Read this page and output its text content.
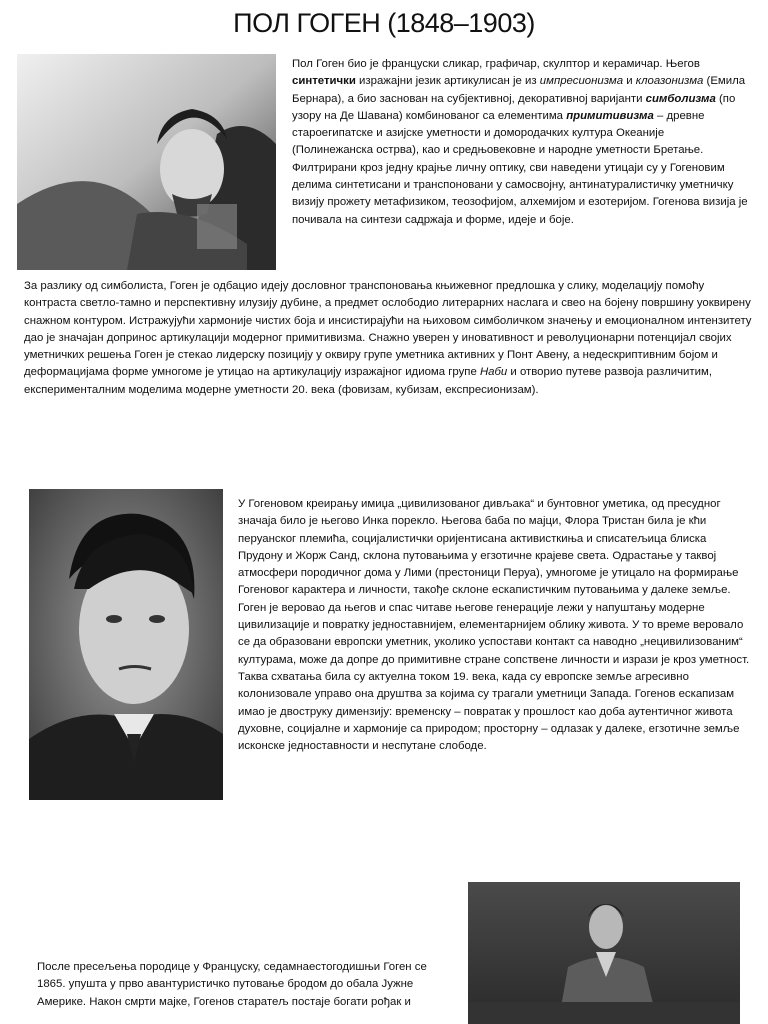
ПОЛ ГОГЕН (1848–1903)
Пол Гоген био је француски сликар, графичар, скулптор и керамичар. Његов синтетички изражајни језик артикулисан је из импресионизма и клоазонизма (Емила Бернара), а био заснован на субјективној, декоративној варијанти симболизма (по узору на Де Шавана) комбинованог са елементима примитивизма – древне староегипатске и азијске уметности и домородачких култура Океаније (Полинежанска острва), као и средњовековне и народне уметности Бретање. Филтрирани кроз једну крајње личну оптику, сви наведени утицаји су у Гогеновим делима синтетисани и транспоновани у самосвојну, антинатуралистичку уметничку визију прожету метафизиком, теозофијом, алхемијом и езотеријом. Гогенова визија је почивала на синтези садржаја и форме, идеје и боје.
За разлику од симболиста, Гоген је одбацио идеју дословног транспоновања књижевног предлошка у слику, моделацију помоћу контраста светло-тамно и перспективну илузију дубине, а предмет ослободио литерарних наслага и свео на бојену површину уоквирену снажном контуром. Истражујући хармоније чистих боја и инсистирајући на њиховом симболичком значењу и емоционалном интензитету дао је значајан допринос артикулацији модерног примитивизма. Снажно уверен у иновативност и револуционарни потенцијал својих уметничких решења Гоген је стекао лидерску позицију у оквиру групе уметника активних у Понт Авену, а недескриптивним бојом и деформацијама форме умногоме је утицао на артикулацију изражајног идиома групе Наби и отворио путеве развоја различитим, експерименталним моделима модерне уметности 20. века (фовизам, кубизам, експресионизам).
У Гогеновом креирању имиџа „цивилизованог дивљака“ и бунтовног уметика, од пресудног значаја било је његово Инка порекло. Његова баба по мајци, Флора Тристан била је кћи перуанског племића, социјалистички оријентисана активисткиња и списатељица блиска Прудону и Жорж Санд, склона путовањима у егзотичне крајеве света. Одрастање у таквој атмосфери породичног дома у Лими (престоници Перуа), умногоме је утицало на формирање Гогеновог карактера и личности, такође склоне ескапистичким путовањима у далеке земље. Гоген је веровао да његов и спас читаве његове генерације лежи у напуштању модерне цивилизације и повратку једноставнијем, елементарнијем облику живота. У то време веровало се да образовани европски уметник, уколико успостави контакт са наводно „нецивилизованим“ културама, може да допре до примитивне стране сопствене личности и изрази је кроз уметност. Таква схватања била су актуелна током 19. века, када су европске земље агресивно колонизовале управо она друштва за којима су трагали уметници Запада. Гогенов ескапизам имао је двоструку димензију: временску – повратак у прошлост као доба аутентичног живота духовне, социјалне и хармоније са природом; просторну – одлазак у далеке, егзотичне земље исконске једноставности и неспутане слободе.
После пресељења породице у Француску, седамнаестогодишњи Гоген се 1865. упушта у прво авантуристичко путовање бродом до обала Јужне Америке. Након смрти мајке, Гогенов старатељ постаје богати рођак и
